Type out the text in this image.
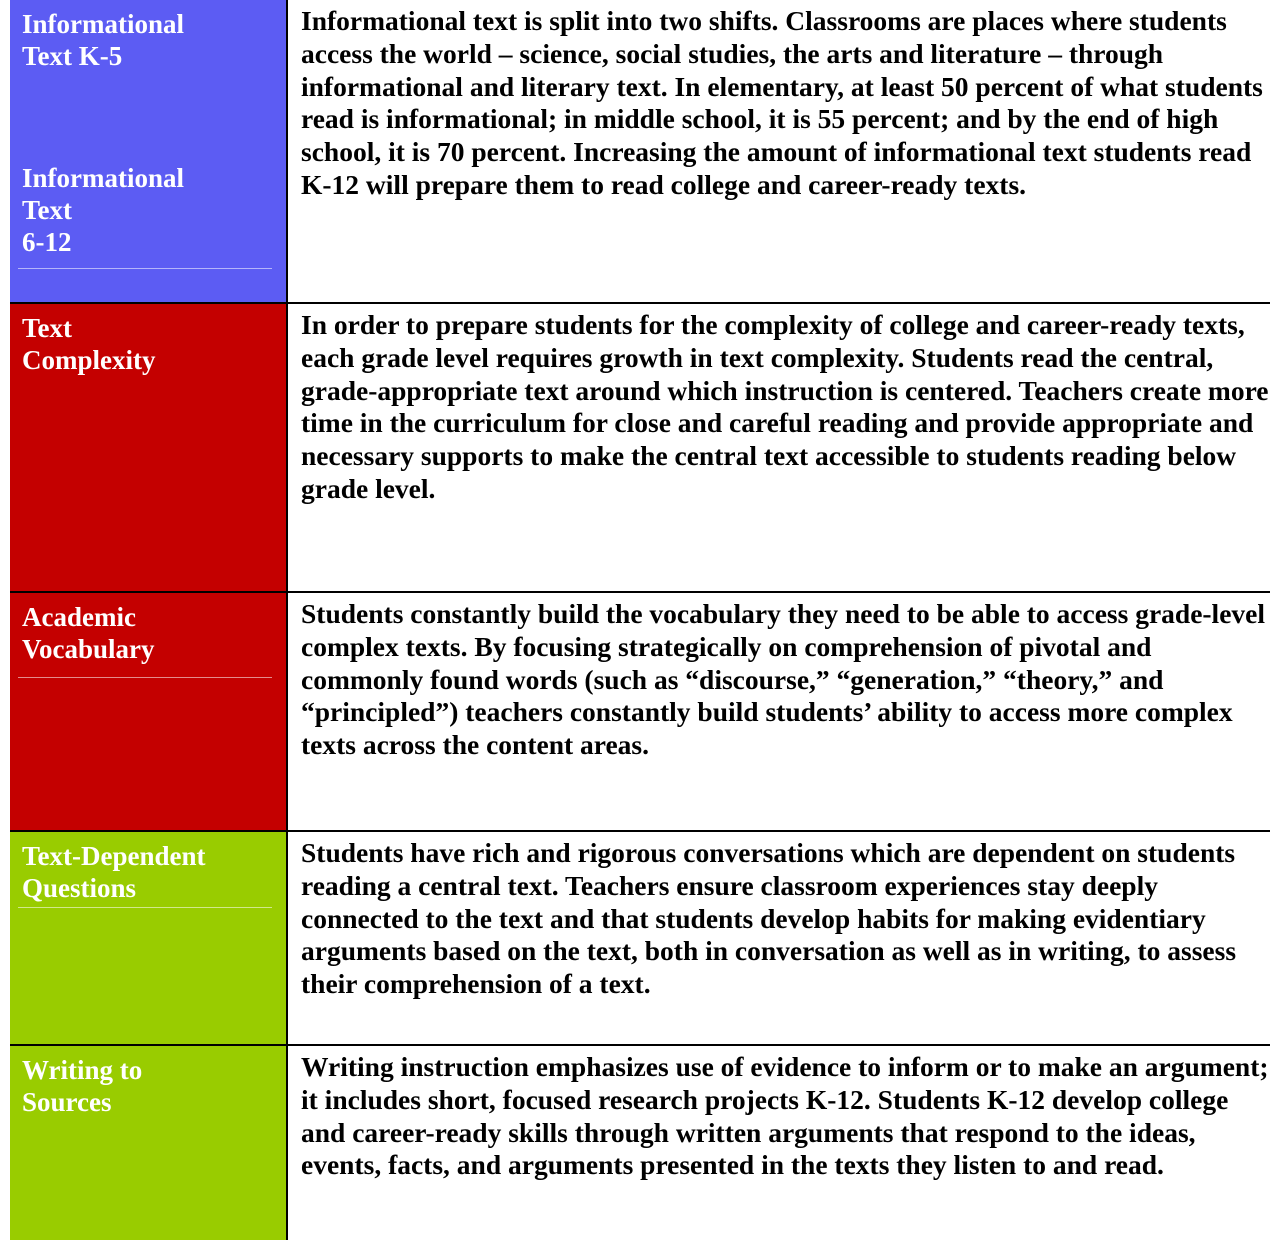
Informational
Text K-5
Informational
Text
6-12
Informational text is split into two shifts. Classrooms are places where students access the world – science, social studies, the arts and literature – through informational and literary text. In elementary, at least 50 percent of what students read is informational; in middle school, it is 55 percent; and by the end of high school, it is 70 percent. Increasing the amount of informational text students read K-12 will prepare them to read college and career-ready texts.
Text
Complexity
In order to prepare students for the complexity of college and career-ready texts, each grade level requires growth in text complexity. Students read the central, grade-appropriate text around which instruction is centered. Teachers create more time in the curriculum for close and careful reading and provide appropriate and necessary supports to make the central text accessible to students reading below grade level.
Academic
Vocabulary
Students constantly build the vocabulary they need to be able to access grade-level complex texts. By focusing strategically on comprehension of pivotal and commonly found words (such as “discourse,” “generation,” “theory,” and “principled”) teachers constantly build students’ ability to access more complex texts across the content areas.
Text-Dependent
Questions
Students have rich and rigorous conversations which are dependent on students reading a central text. Teachers ensure classroom experiences stay deeply connected to the text and that students develop habits for making evidentiary arguments based on the text, both in conversation as well as in writing, to assess their comprehension of a text.
Writing to
Sources
Writing instruction emphasizes use of evidence to inform or to make an argument; it includes short, focused research projects K-12. Students K-12 develop college and career-ready skills through written arguments that respond to the ideas, events, facts, and arguments presented in the texts they listen to and read.
